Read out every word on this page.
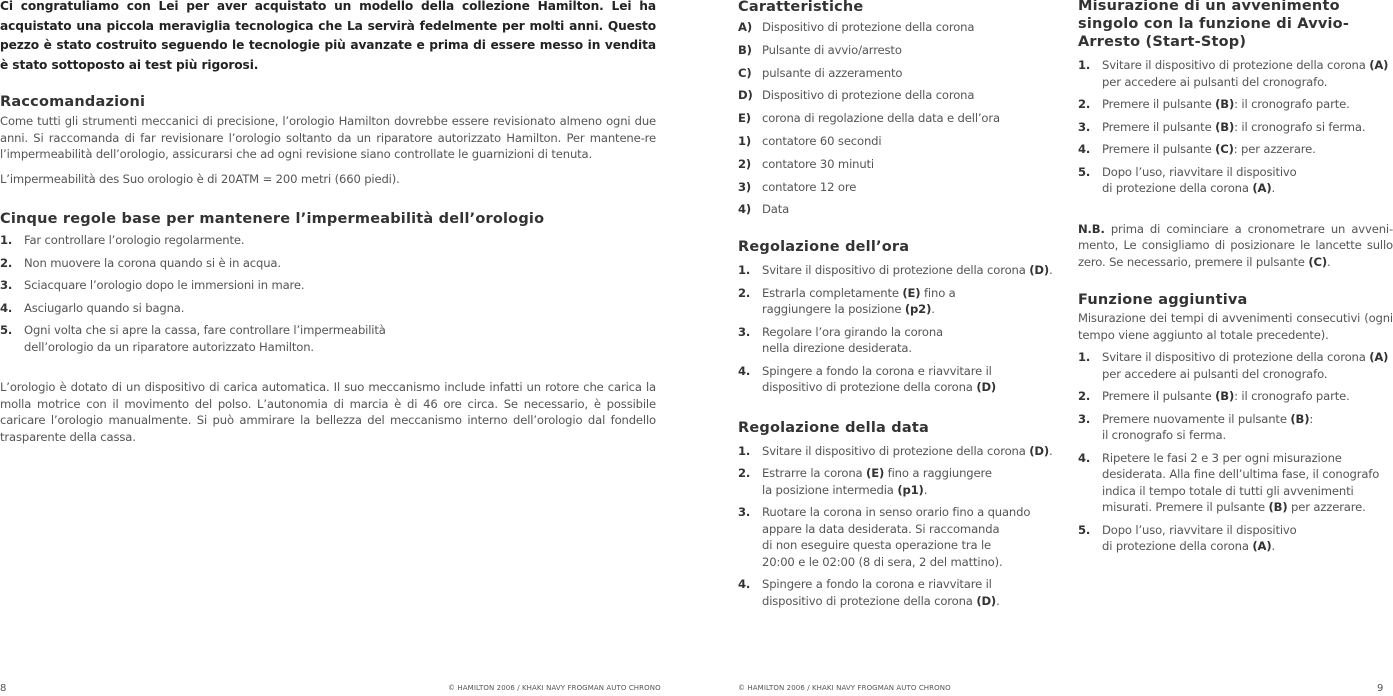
Ci congratuliamo con Lei per aver acquistato un modello della collezione Hamilton. Lei ha acquistato una piccola meraviglia tecnologica che La servirà fedelmente per molti anni. Questo pezzo è stato costruito seguendo le tecnologie più avanzate e prima di essere messo in vendita è stato sottoposto ai test più rigorosi.

Raccomandazioni

Come tutti gli strumenti meccanici di precisione, l’orologio Hamilton dovrebbe essere revisionato almeno ogni due anni. Si raccomanda di far revisionare l’orologio soltanto da un riparatore autorizzato Hamilton. Per mantene-re l’impermeabilità dell’orologio, assicurarsi che ad ogni revisione siano controllate le guarnizioni di tenuta.

L’impermeabilità des Suo orologio è di 20ATM = 200 metri (660 piedi).

Cinque regole base per mantenere l’impermeabilità dell’orologio
1.	Far controllare l’orologio regolarmente.
2.	Non muovere la corona quando si è in acqua.
3.	Sciacquare l’orologio dopo le immersioni in mare.
4.	Asciugarlo quando si bagna.
5.	Ogni volta che si apre la cassa, fare controllare l’impermeabilità
dell’orologio da un riparatore autorizzato Hamilton.

L’orologio è dotato di un dispositivo di carica automatica. Il suo meccanismo include infatti un rotore che carica la molla motrice con il movimento del polso. L’autonomia di marcia è di 46 ore circa. Se necessario, è possibile caricare l’orologio manualmente. Si può ammirare la bellezza del meccanismo interno dell’orologio dal fondello trasparente della cassa.

8	© HAMILTON 2006 / KHAKI NAVY FROGMAN AUTO CHRONO
Caratteristiche
A) Dispositivo di protezione della corona
B) Pulsante di avvio/arresto
C) pulsante di azzeramento
D) Dispositivo di protezione della corona
E) corona di regolazione della data e dell’ora
1) contatore 60 secondi
2) contatore 30 minuti
3) contatore 12 ore
4) Data
Regolazione dell’ora
1.	Svitare il dispositivo di protezione della corona (D).
2.	Estrarla completamente (E) fino a
raggiungere la posizione (p2).
3.	Regolare l’ora girando la corona
nella direzione desiderata.
4.	Spingere a fondo la corona e riavvitare il
dispositivo di protezione della corona (D)
Regolazione della data
1.	Svitare il dispositivo di protezione della corona (D).
2.	Estrarre la corona (E) fino a raggiungere
la posizione intermedia (p1).
3.	Ruotare la corona in senso orario fino a quando
appare la data desiderata. Si raccomanda
di non eseguire questa operazione tra le
20:00 e le 02:00 (8 di sera, 2 del mattino).
4.	Spingere a fondo la corona e riavvitare il
dispositivo di protezione della corona (D).
© HAMILTON 2006 / KHAKI NAVY FROGMAN AUTO CHRONO
Misurazione di un avvenimento singolo con la funzione di Avvio-Arresto (Start-Stop)
1.	Svitare il dispositivo di protezione della corona (A)
per accedere ai pulsanti del cronografo.
2.	Premere il pulsante (B): il cronografo parte.
3.	Premere il pulsante (B): il cronografo si ferma.
4.	Premere il pulsante (C): per azzerare.
5.	Dopo l’uso, riavvitare il dispositivo
di protezione della corona (A).

N.B. prima di cominciare a cronometrare un avveni-mento, Le consigliamo di posizionare le lancette sullo zero. Se necessario, premere il pulsante (C).

Funzione aggiuntiva

Misurazione dei tempi di avvenimenti consecutivi (ogni tempo viene aggiunto al totale precedente).

1.	Svitare il dispositivo di protezione della corona (A)
per accedere ai pulsanti del cronografo.
2.	Premere il pulsante (B): il cronografo parte.
3.	Premere nuovamente il pulsante (B):
il cronografo si ferma.
4.	Ripetere le fasi 2 e 3 per ogni misurazione
desiderata. Alla fine dell’ultima fase, il conografo
indica il tempo totale di tutti gli avvenimenti
misurati. Premere il pulsante (B) per azzerare.
5.	Dopo l’uso, riavvitare il dispositivo
di protezione della corona (A).
9
